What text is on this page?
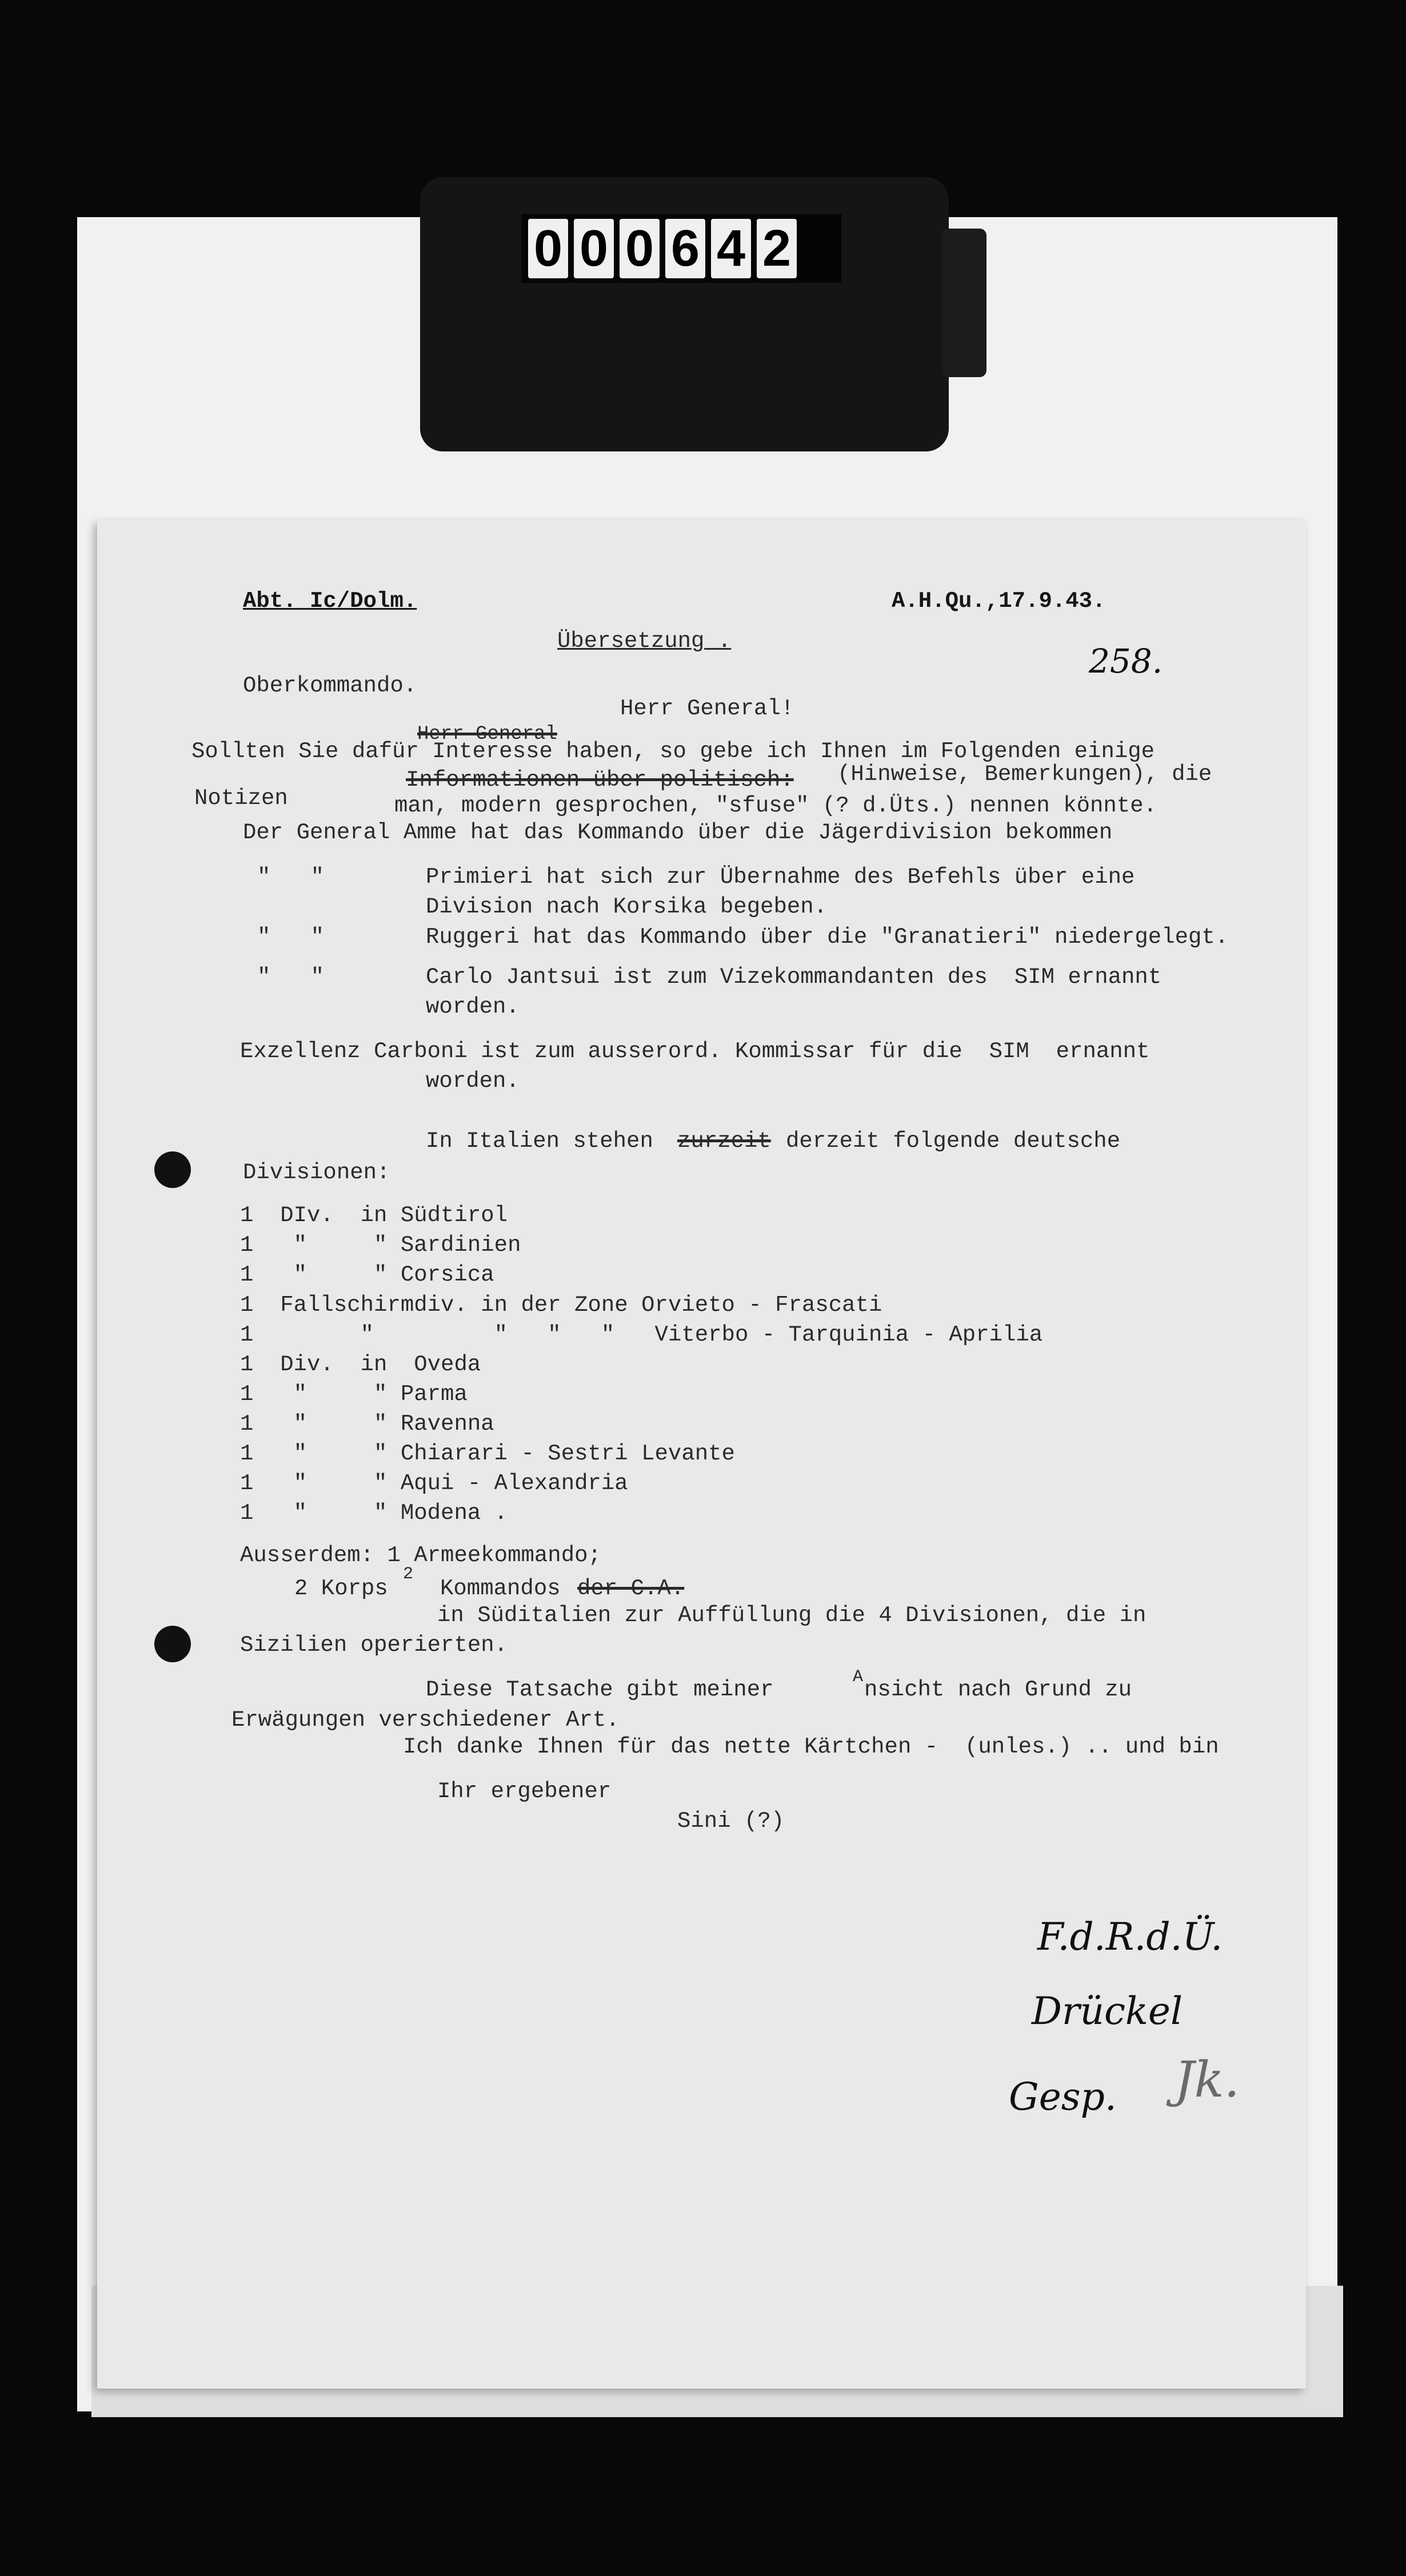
0 0 0 6 4 2
Abt. Ic/Dolm.	A.H.Qu.,17.9.43.
Übersetzung .
258.
Oberkommando.
Herr General!
Herr General
Sollten Sie dafür Interesse haben, so gebe ich Ihnen im Folgenden einige
Informationen über politisch: (Hinweise, Bemerkungen), die
Notizen	man, modern gesprochen, "sfuse" (? d.Üts.) nennen könnte.
Der General Amme hat das Kommando über die Jägerdivision bekommen
"   "	Primieri hat sich zur Übernahme des Befehls über eine
Division nach Korsika begeben.
"   "	Ruggeri hat das Kommando über die "Granatieri" niedergelegt.
"   "	Carlo Jantsui ist zum Vizekommandanten des  SIM ernannt
worden.
Exzellenz Carboni ist zum ausserord. Kommissar für die  SIM  ernannt
worden.
In Italien stehen zurzeit derzeit folgende deutsche
Divisionen:
1  DIv.  in Südtirol
1   "     " Sardinien
1   "     " Corsica
1  Fallschirmdiv. in der Zone Orvieto - Frascati
1        "         "   "   "   Viterbo - Tarquinia - Aprilia
1  Div.  in  Oveda
1   "     " Parma
1   "     " Ravenna
1   "     " Chiarari - Sestri Levante
1   "     " Aqui - Alexandria
1   "     " Modena .
Ausserdem: 1 Armeekommando;
2 Korps
2
Kommandos der C.A.
in Süditalien zur Auffüllung die 4 Divisionen, die in
Sizilien operierten.
Diese Tatsache gibt meiner	A nsicht nach Grund zu
Erwägungen verschiedener Art.
Ich danke Ihnen für das nette Kärtchen -  (unles.) .. und bin
Ihr ergebener
Sini (?)
F.d.R.d.Ü.
Drückel
Gesp. Jk.
